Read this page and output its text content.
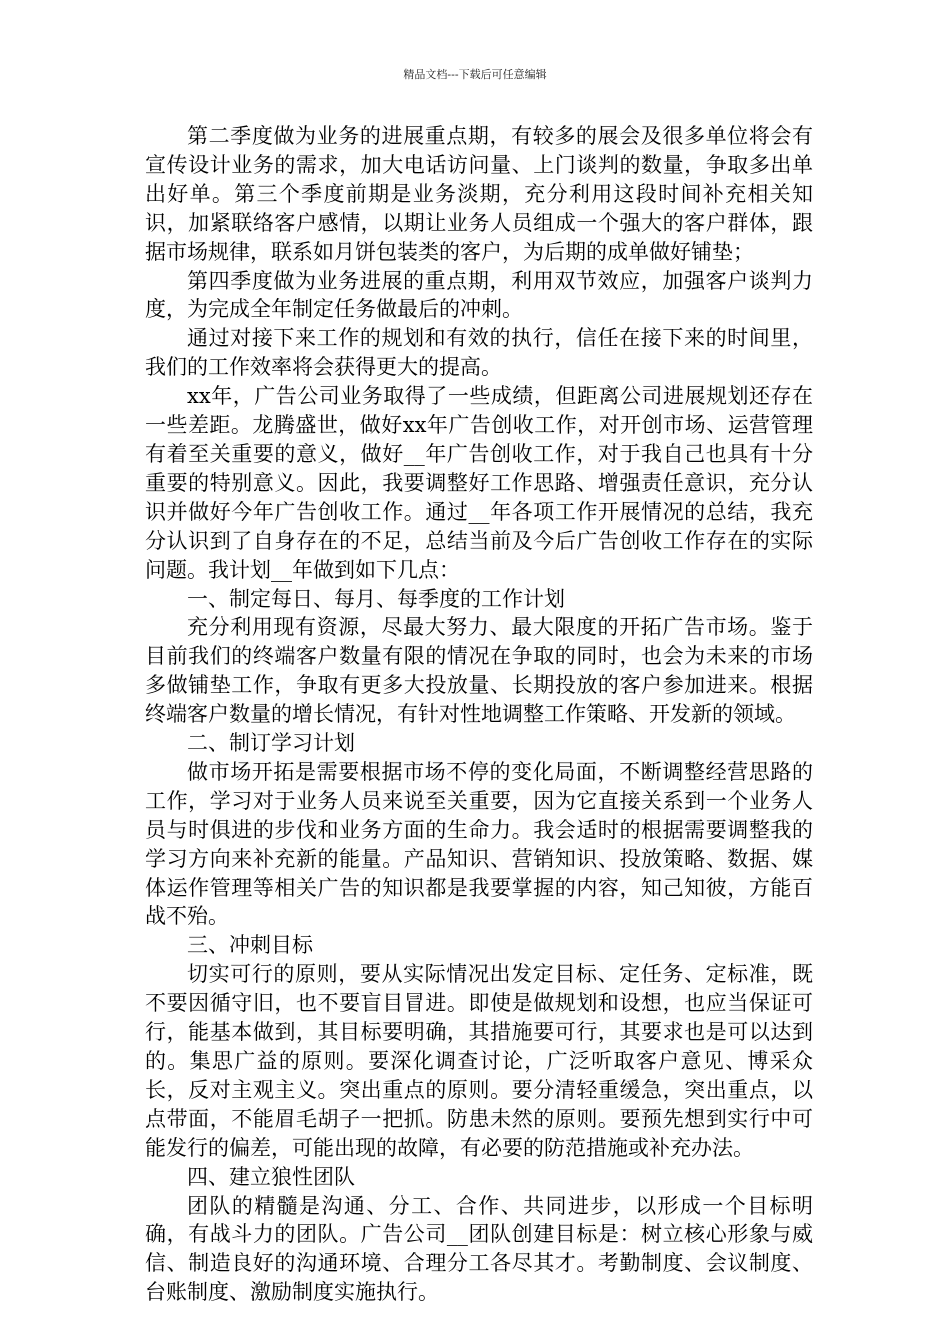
精品文档---下载后可任意编辑

第二季度做为业务的进展重点期，有较多的展会及很多单位将会有宣传设计业务的需求，加大电话访问量、上门谈判的数量，争取多出单出好单。第三个季度前期是业务淡期，充分利用这段时间补充相关知识，加紧联络客户感情，以期让业务人员组成一个强大的客户群体，跟据市场规律，联系如月饼包装类的客户，为后期的成单做好铺垫；

第四季度做为业务进展的重点期，利用双节效应，加强客户谈判力度，为完成全年制定任务做最后的冲刺。

通过对接下来工作的规划和有效的执行，信任在接下来的时间里，我们的工作效率将会获得更大的提高。

xx年，广告公司业务取得了一些成绩，但距离公司进展规划还存在一些差距。龙腾盛世，做好xx年广告创收工作，对开创市场、运营管理有着至关重要的意义，做好__年广告创收工作，对于我自己也具有十分重要的特别意义。因此，我要调整好工作思路、增强责任意识，充分认识并做好今年广告创收工作。通过__年各项工作开展情况的总结，我充分认识到了自身存在的不足，总结当前及今后广告创收工作存在的实际问题。我计划__年做到如下几点：

一、制定每日、每月、每季度的工作计划

充分利用现有资源，尽最大努力、最大限度的开拓广告市场。鉴于目前我们的终端客户数量有限的情况在争取的同时，也会为未来的市场 多做铺垫工作，争取有更多大投放量、长期投放的客户参加进来。根据终端客户数量的增长情况，有针对性地调整工作策略、开发新的领域。

二、制订学习计划

做市场开拓是需要根据市场不停的变化局面，不断调整经营思路的工作，学习对于业务人员来说至关重要，因为它直接关系到一个业务人员与时俱进的步伐和业务方面的生命力。我会适时的根据需要调整我的学习方向来补充新的能量。产品知识、营销知识、投放策略、数据、媒体运作管理等相关广告的知识都是我要掌握的内容，知己知彼，方能百战不殆。

三、冲刺目标

切实可行的原则，要从实际情况出发定目标、定任务、定标准，既不要因循守旧，也不要盲目冒进。即使是做规划和设想，也应当保证可行，能基本做到，其目标要明确，其措施要可行，其要求也是可以达到的。集思广益的原则。要深化调查讨论，广泛听取客户意见、博采众长，反对主观主义。突出重点的原则。要分清轻重缓急，突出重点，以点带面，不能眉毛胡子一把抓。防患未然的原则。要预先想到实行中可能发行的偏差，可能出现的故障，有必要的防范措施或补充办法。

四、建立狼性团队

团队的精髓是沟通、分工、合作、共同进步，以形成一个目标明确，有战斗力的团队。广告公司__团队创建目标是：树立核心形象与威信、制造良好的沟通环境、合理分工各尽其才。考勤制度、会议制度、台账制度、激励制度实施执行。
